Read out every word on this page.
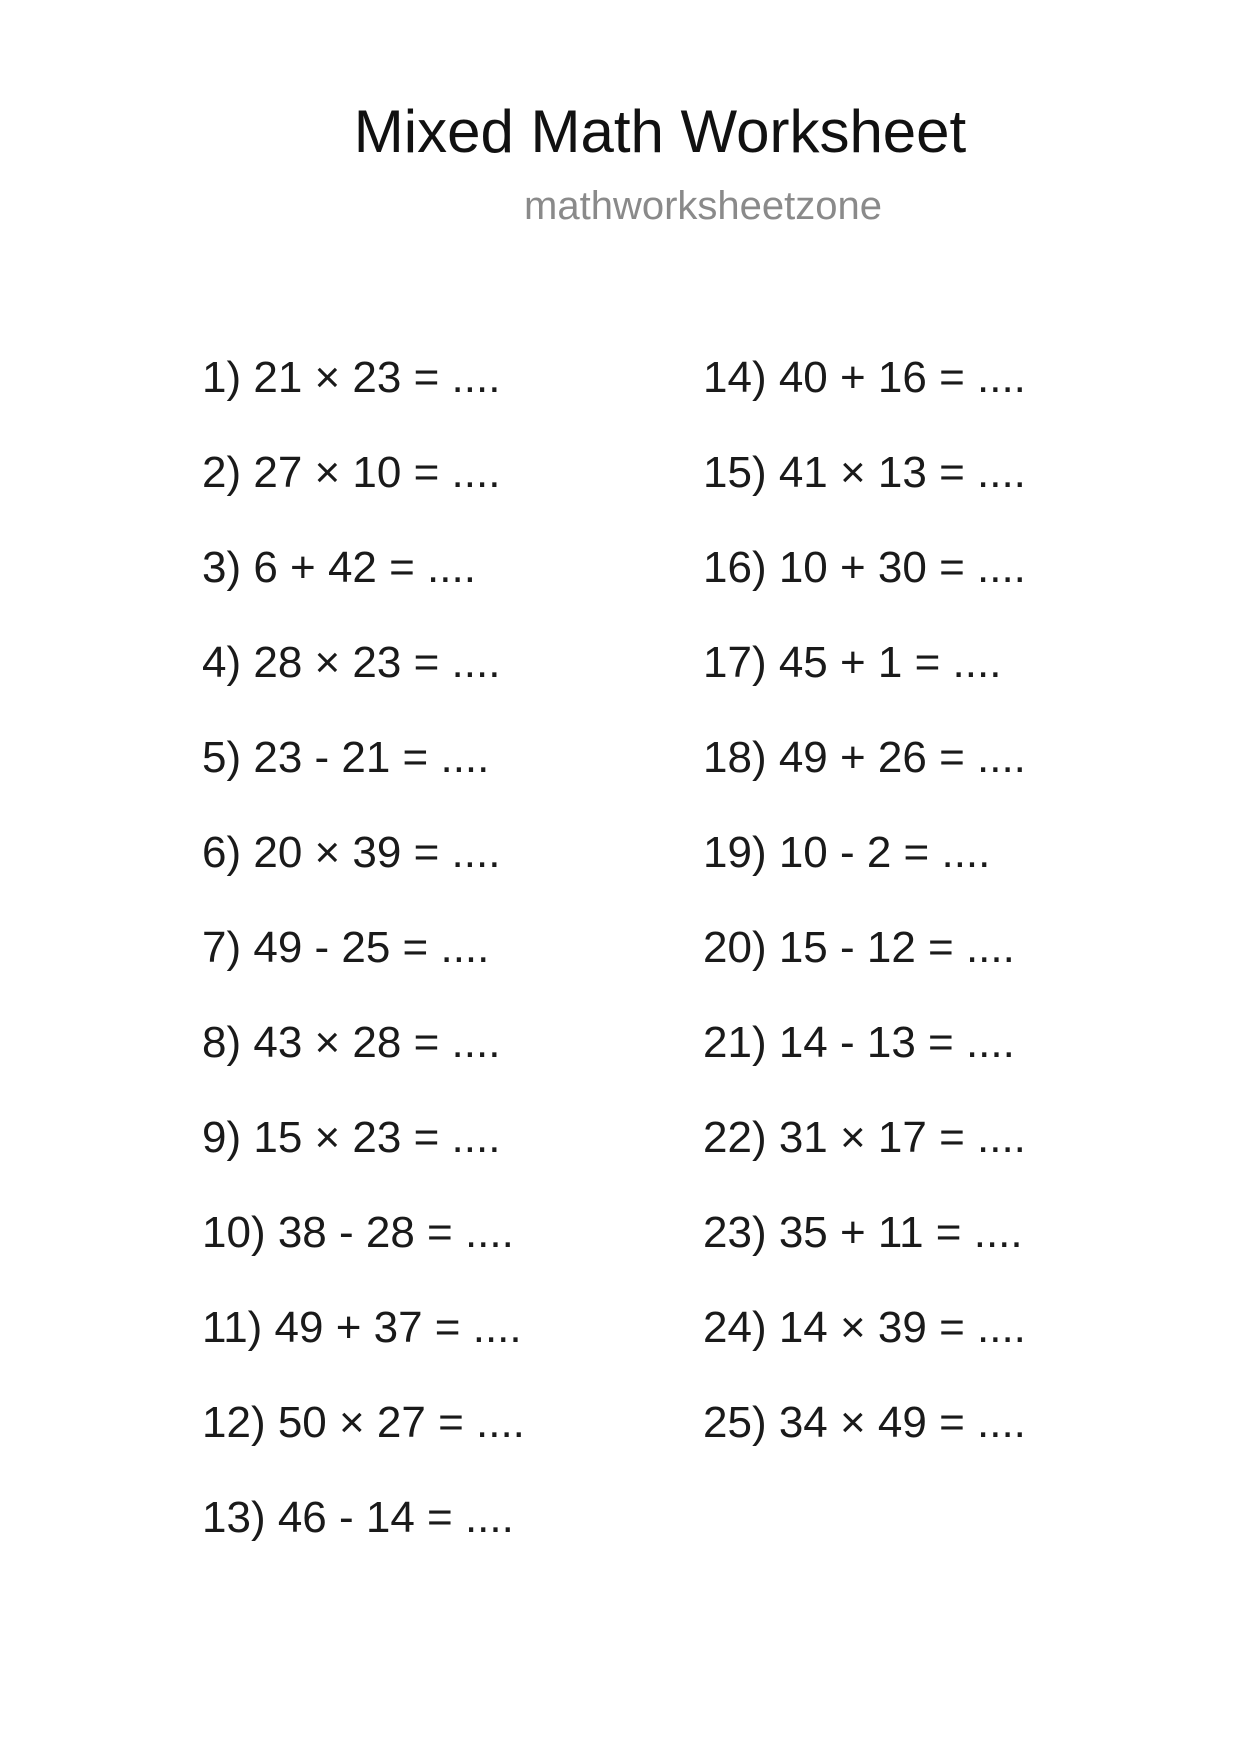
Mixed Math Worksheet
mathworksheetzone
1) 21 × 23 = ....
2) 27 × 10 = ....
3) 6 + 42 = ....
4) 28 × 23 = ....
5) 23 - 21 = ....
6) 20 × 39 = ....
7) 49 - 25 = ....
8) 43 × 28 = ....
9) 15 × 23 = ....
10) 38 - 28 = ....
11) 49 + 37 = ....
12) 50 × 27 = ....
13) 46 - 14 = ....
14) 40 + 16 = ....
15) 41 × 13 = ....
16) 10 + 30 = ....
17) 45 + 1 = ....
18) 49 + 26 = ....
19) 10 - 2 = ....
20) 15 - 12 = ....
21) 14 - 13 = ....
22) 31 × 17 = ....
23) 35 + 11 = ....
24) 14 × 39 = ....
25) 34 × 49 = ....
